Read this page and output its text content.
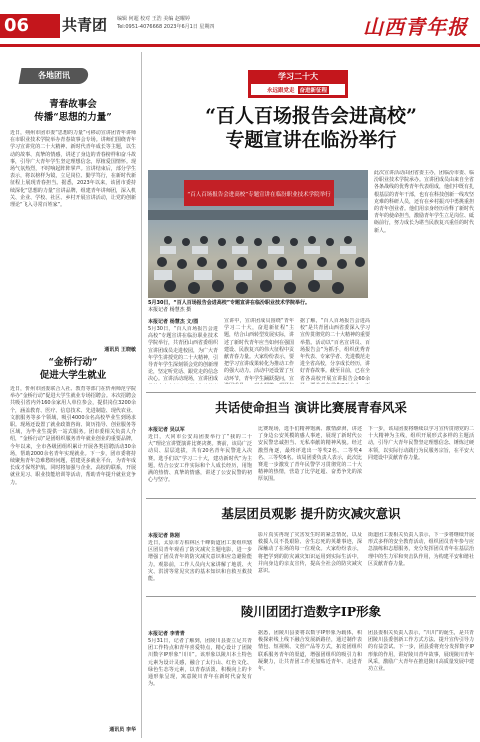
06	共青团 编辑 何超 校对 王浩 美编 赵曜婷
Tel:0951-4076668 2023年6月1日 星期四	山西青年报
各地团讯
青春故事会
传播“思想的力量”
近日，朔州市团市委“思想的力量”可移动宣讲团青年讲师在市职业技术学院举办青春故事会专场。讲师们围绕青年学习宣讲党的二十大精神、新时代青年成长等主题，以生动的故事、真挚的情感，讲述了身边的青春榜样和奋斗故事，引导广大青年学生坚定理想信念，厚植爱国情怀。现场气氛热烈，不时响起阵阵掌声。宣讲结束后，部分学生表示，将以榜样为镜，立足岗位、勤学笃行，在新时代新征程上展现青春担当。据悉，2023年以来，该团市委持续深化“思想的力量”宣讲品牌，组建青年讲师团，深入机关、企业、学校、社区、乡村开展宣讲活动，让党的创新理论“飞入寻常百姓家”。
通讯员 王晓敏
“金桥行动”
促进大学生就业
近日，忻州市团委联合人社、教育等部门在忻州师范学院举办“金桥行动”促进大学生就业专场招聘会。本次招聘会共吸引省内外160余家用人单位参会，提供岗位3200余个，涵盖教育、医疗、信息技术、先进制造、现代农业、文旅服务等多个领域，吸引4000余名高校毕业生到场求职。现场还设置了就业政策咨询、简历指导、创业服务等区域，为毕业生提供一站式服务。团市委相关负责人介绍，“金桥行动”是团组织服务青年就业创业的重要品牌，今年以来，全市各级团组织累计开展各类招聘活动30余场，帮助2000余名青年实现就业。下一步，团市委将持续聚焦青年急难愁盼问题，搭建更多就业平台，为青年成长成才保驾护航。同时将加强与企业、高校的联系，开展就业见习、职业技能培训等活动，帮助青年提升就业竞争力。
通讯员 李华
学习二十大
永远跟党走 奋进新征程
“百人百场报告会进高校”
专题宣讲在临汾举行
“百人百场报告会进高校”专题宣讲在临汾职业技术学院举行
5月30日，“百人百场报告会进高校”专题宣讲在临汾职业技术学院举行。
本报记者 杨慧杰 摄
本报记者 杨慧杰 文/图
5月30日，“百人百场报告会进高校”专题宣讲在临汾职业技术学院举行，共青团山西省委组织宣讲团成员走进校园，为广大青年学生讲授党的二十大精神，引导青年学生深刻领会党的创新理论，坚定听党话、跟党走的信念决心。宣讲活动现场，宣讲团成
宣讲中，宣讲团成员围绕“青年学习二十大，奋进新征程”主题，结合山西转型发展实际，讲述了新时代青年应当如何在强国建设、民族复兴的伟大征程中贡献青春力量。大家纷纷表示，要把学习宣讲成果转化为推动工作的强大动力。活动中还设置了互动环节，青年学生踊跃提问，宣
据了解，“百人百场报告会进高校”是共青团山西省委深入学习宣传贯彻党的二十大精神的重要举措。活动以“百名宣讲员、百场报告会”为抓手，组织优秀青年代表、专家学者、先进模范走进全省高校，分享成长经历，讲好青春故事。截至目前，已在全省各高校开展宣讲报告会60余
此次宣讲活动由团省委主办，团临汾市委、临汾职业技术学院承办。宣讲团成员由来自全省各条战线的优秀青年代表组成，他们中既有扎根基层的青年干部，也有在科技创新一线攻坚克难的科研人员，还有在乡村振兴中勇挑重担的青年创业者。他们用亲身经历诠释了新时代青年的使命担当，激励青年学生立足岗位、砥砺前行，努力成长为堪当民族复兴重任的时代新人。
共话使命担当 演讲比赛展青春风采
本报记者 吴以军
近日，大同市公安局团委举行了“我的二十大”理论宣讲暨演讲比赛决赛。赛前，该局广泛动员、层层选拔，共有20名青年民警进入决赛。选手们以“学习二十大，建功新时代”为主题，结合公安工作实际和个人成长经历，用饱满的热情、真挚的情感，讲述了公安民警的初心与坚守。
比赛现场，选手们精神饱满、激情澎湃，讲述了身边公安英模的感人事迹，展现了新时代公安民警忠诚担当、无私奉献的精神风貌。经过激烈角逐，最终评选出一等奖2名、二等奖4名、三等奖6名。该局团委负责人表示，此次比赛进一步激发了青年民警学习贯彻党的二十大精神的热情，营造了比学赶超、奋勇争先的浓厚氛围。
下一步，该局团委将继续以学习宣传贯彻党的二十大精神为主线，组织开展形式多样的主题活动，引导广大青年民警坚定理想信念、锤炼过硬本领，以实际行动践行为民服务宗旨，在平安大同建设中贡献青春力量。
基层团员观影 提升防灾减灾意识
本报记者 陈刚
近日，太原市万柏林区千峰街道团工委组织辖区团员青年观看了防灾减灾主题电影，进一步增强了团员青年的防灾减灾意识和应急避险能力。观影前，工作人员向大家讲解了地震、火灾、洪涝等常见灾害的基本知识和自救互救技能。
影片真实再现了灾害发生时的紧急情况，以及救援人员不畏艰险、舍生忘死的英雄事迹，深深触动了在场的每一位观众。大家纷纷表示，将把学到的防灾减灾知识运用到实际生活中，并向身边的亲友宣传，提高全社会的防灾减灾意识。
街道团工委相关负责人表示，下一步将继续开展形式多样的安全教育活动，组织团员青年参与应急演练和志愿服务，充分发挥团员青年在基层治理中的生力军和突击队作用，为构建平安和谐社区贡献青春力量。
陵川团团打造数字IP形象
本报记者 李青青
5月31日，记者了解到，团陵川县委立足共青团工作特点和青年喜爱特点，精心设计了团陵川数字IP形象“川川”。该形象以陵川本土特色元素为设计灵感，融合了太行山、红色文化、绿色生态等元素，以青春活泼、积极向上的卡通形象呈现，寓意陵川青年在新时代奋发有为。
据悉，团陵川县委将以数字IP形象为载体，积极探索线上线下融合发展新路径，通过制作表情包、短视频、文创产品等方式，拓宽团组织联系服务青年的渠道，增强团组织的吸引力和凝聚力，让共青团工作更加贴近青年、走进青年。
团县委相关负责人表示，“川川”的诞生，是共青团陵川县委创新工作方式方法、提升宣传引导力的有益尝试。下一步，团县委将充分发挥数字IP形象的作用，讲好陵川青年故事，展现陵川青年风采，激励广大青年在推进陵川高质量发展中建功立业。
